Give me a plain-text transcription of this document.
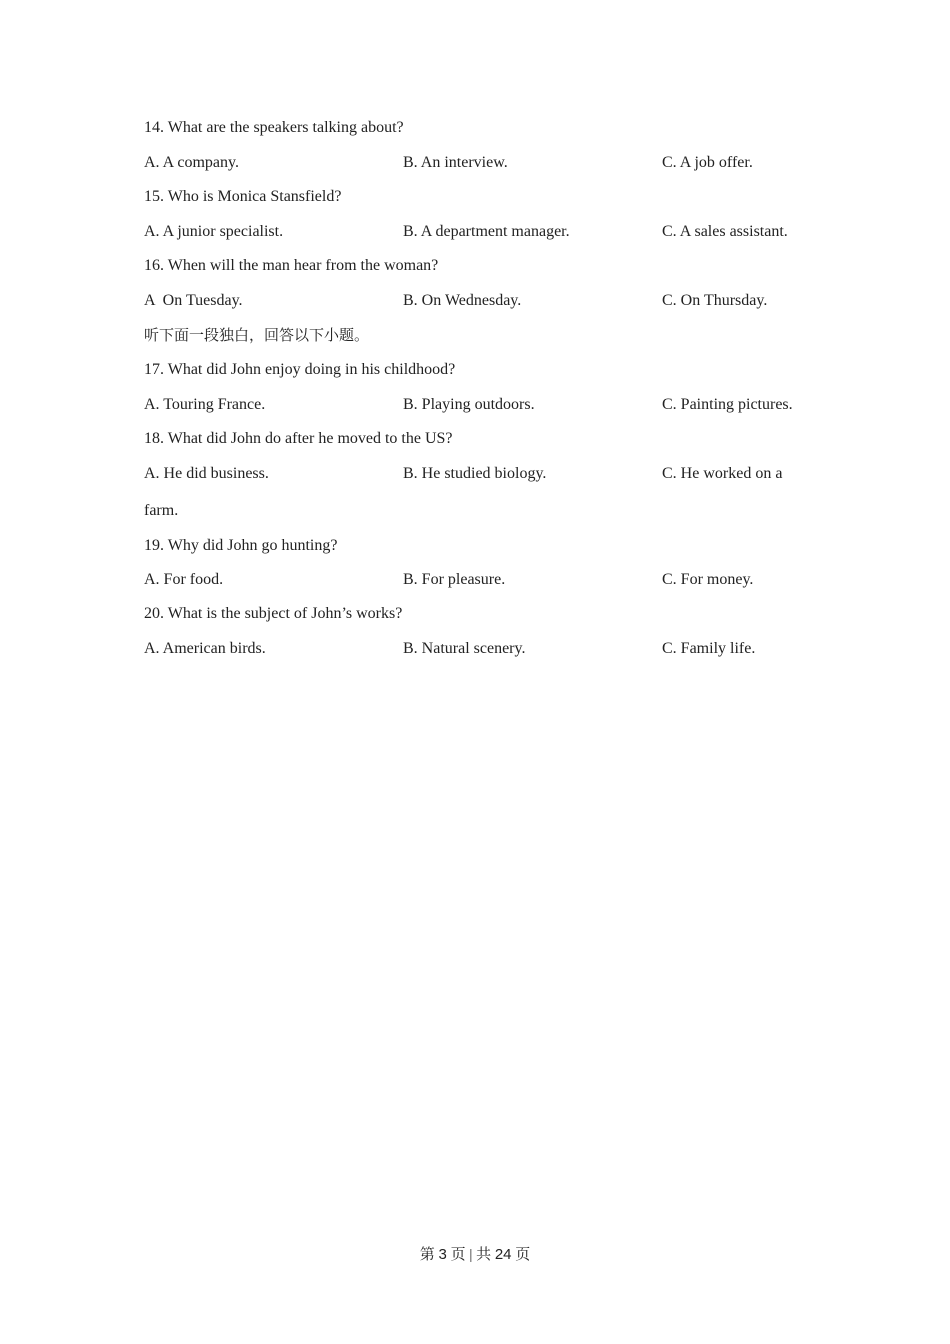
14. What are the speakers talking about?
A. A company.	B. An interview.	C. A job offer.
15. Who is Monica Stansfield?
A. A junior specialist.	B. A department manager.	C. A sales assistant.
16. When will the man hear from the woman?
A  On Tuesday.	B. On Wednesday.	C. On Thursday.
听下面一段独白，回答以下小题。
17. What did John enjoy doing in his childhood?
A. Touring France.	B. Playing outdoors.	C. Painting pictures.
18. What did John do after he moved to the US?
A. He did business.	B. He studied biology.	C. He worked on a
farm.
19. Why did John go hunting?
A. For food.	B. For pleasure.	C. For money.
20. What is the subject of John’s works?
A. American birds.	B. Natural scenery.	C. Family life.
第 3 页 | 共 24 页
